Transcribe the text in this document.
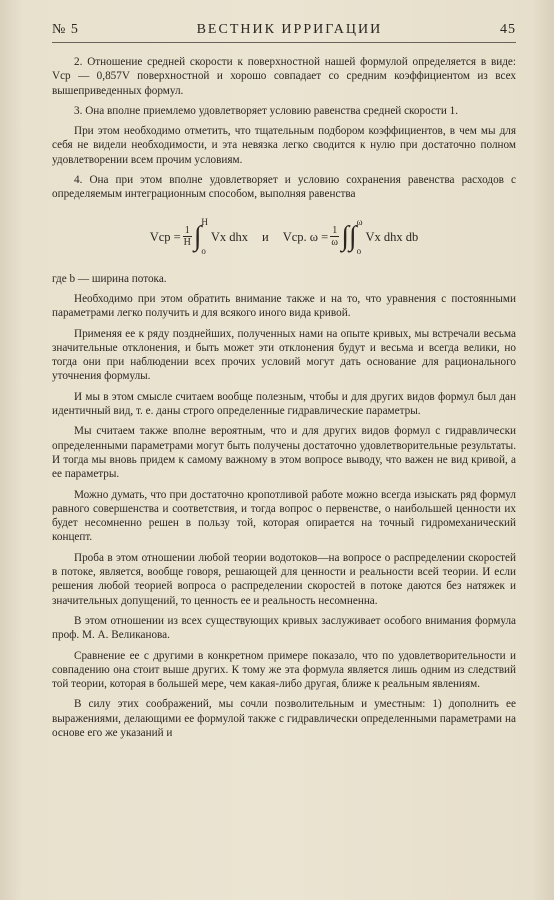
№ 5	ВЕСТНИК ИРРИГАЦИИ	45

2. Отношение средней скорости к поверхностной нашей формулой определяется в виде: Vср — 0,857V поверхностной и хорошо совпадает со средним коэффициентом из всех вышеприведенных формул.

3. Она вполне приемлемо удовлетворяет условию равенства средней скорости 1.

При этом необходимо отметить, что тщательным подбором коэффициентов, в чем мы для себя не видели необходимости, и эта невязка легко сводится к нулю при достаточно полном удовлетворении всем прочим условиям.

4. Она при этом вполне удовлетворяет и условию сохранения равенства расходов с определяемым интеграционным способом, выполняя равенства

Vср = $\frac{1}{H}$ ∫ H
o
Vx dhx и Vср. $\omega = \frac{1}{\omega}$ ∫∫ ω
o
Vx dhx db

где b — ширина потока.

Необходимо при этом обратить внимание также и на то, что уравнения с постоянными параметрами легко получить и для всякого иного вида кривой.

Применяя ее к ряду позднейших, полученных нами на опыте кривых, мы встречали весьма значительные отклонения, и быть может эти отклонения будут и весьма и всегда велики, но тогда они при наблюдении всех прочих условий могут дать основание для рационального уточнения формулы.

И мы в этом смысле считаем вообще полезным, чтобы и для других видов формул был дан идентичный вид, т. е. даны строго определенные гидравлические параметры.

Мы считаем также вполне вероятным, что и для других видов формул с гидравлически определенными параметрами могут быть получены достаточно удовлетворительные результаты. И тогда мы вновь придем к самому важному в этом вопросе выводу, что важен не вид кривой, а ее параметры.

Можно думать, что при достаточно кропотливой работе можно всегда изыскать ряд формул равного совершенства и соответствия, и тогда вопрос о первенстве, о наибольшей ценности их будет несомненно решен в пользу той, которая опирается на точный гидромеханический концепт.

Проба в этом отношении любой теории водотоков—на вопросе о распределении скоростей в потоке, является, вообще говоря, решающей для ценности и реальности всей теории. И если решения любой теорией вопроса о распределении скоростей в потоке даются без натяжек и значительных допущений, то ценность ее и реальность несомненна.

В этом отношении из всех существующих кривых заслуживает особого внимания формула проф. М. А. Великанова.

Сравнение ее с другими в конкретном примере показало, что по удовлетворительности и совпадению она стоит выше других. К тому же эта формула является лишь одним из следствий той теории, которая в большей мере, чем какая-либо другая, ближе к реальным явлениям.

В силу этих соображений, мы сочли позволительным и уместным: 1) дополнить ее выражениями, делающими ее формулой также с гидравлически определенными параметрами на основе его же указаний и
